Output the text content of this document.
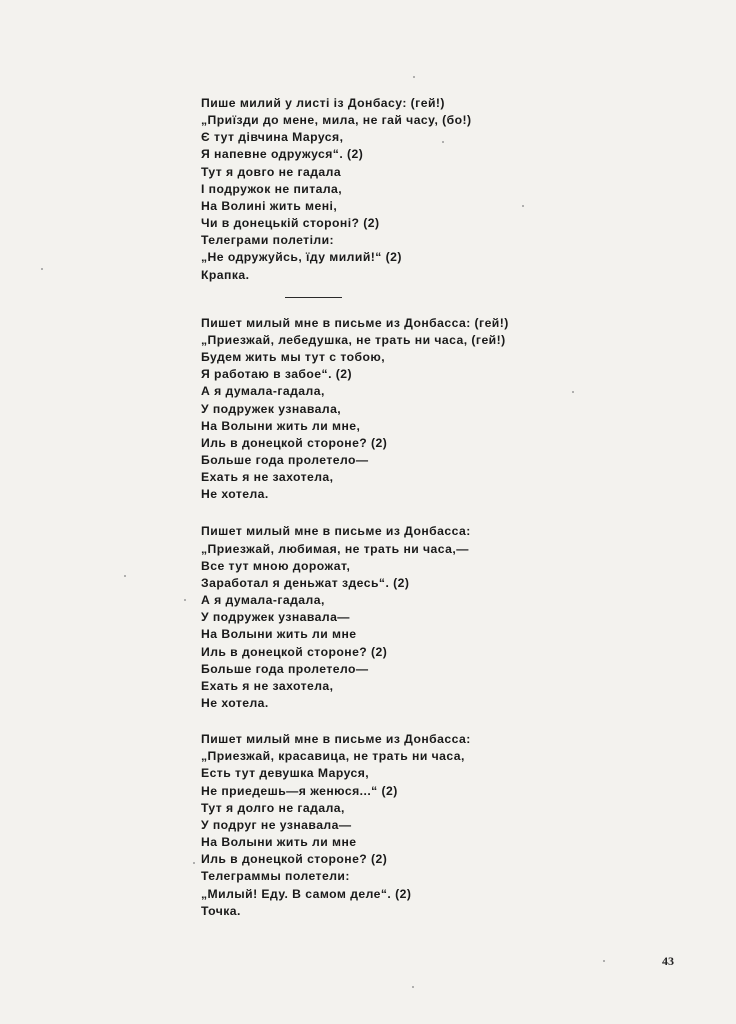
Пише милий у листі із Донбасу: (гей!)
„Приїзди до мене, мила, не гай часу, (бо!)
Є тут дівчина Маруся,
Я напевне одружуся“. (2)
Тут я довго не гадала
І подружок не питала,
На Волині жить мені,
Чи в донецькій стороні? (2)
Телеграми полетіли:
„Не одружуйсь, їду милий!“ (2)
Крапка.
Пишет милый мне в письме из Донбасса: (гей!)
„Приезжай, лебедушка, не трать ни часа, (гей!)
Будем жить мы тут с тобою,
Я работаю в забое“. (2)
А я думала-гадала,
У подружек узнавала,
На Волыни жить ли мне,
Иль в донецкой стороне? (2)
Больше года пролетело—
Ехать я не захотела,
Не хотела.
Пишет милый мне в письме из Донбасса:
„Приезжай, любимая, не трать ни часа,—
Все тут мною дорожат,
Заработал я деньжат здесь“. (2)
А я думала-гадала,
У подружек узнавала—
На Волыни жить ли мне
Иль в донецкой стороне? (2)
Больше года пролетело—
Ехать я не захотела,
Не хотела.
Пишет милый мне в письме из Донбасса:
„Приезжай, красавица, не трать ни часа,
Есть тут девушка Маруся,
Не приедешь—я женюся...“ (2)
Тут я долго не гадала,
У подруг не узнавала—
На Волыни жить ли мне
Иль в донецкой стороне? (2)
Телеграммы полетели:
„Милый! Еду. В самом деле“. (2)
Точка.
43
